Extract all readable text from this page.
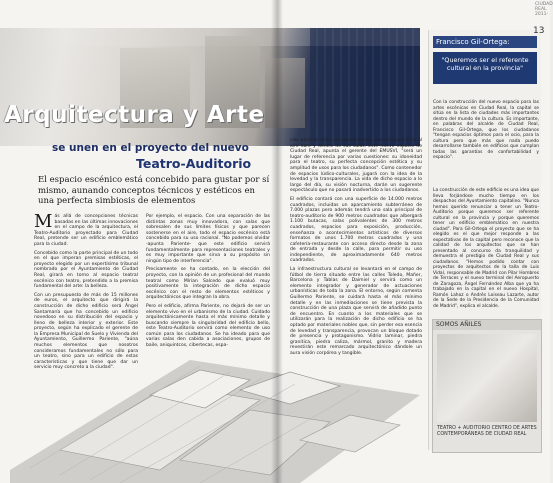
Arquitectura y Arte
se unen en el proyecto del nuevo
Teatro-Auditorio
El espacio escénico está concebido para gustar por sí mismo, aunando conceptos técnicos y estéticos en una perfecta simbiosis de elementos

Más allá de concepciones técnicas basadas en las últimas innovaciones en el campo de la arquitectura, el Teatro-Auditorio proyectado para Ciudad Real, pretende ser un edificio emblemático para la ciudad.

Concebido como la parte principal de un todo en el que imperan premisas estéticas, el proyecto elegido por un expertísimo tribunal nombrado por el Ayuntamiento de Ciudad Real, girará en torno al espacio teatral escénico con teatro, pretendido a la premisa fundamental del arte: la belleza.

Con un presupuesto de más de 15 millones de euros, el arquitecto que dirigirá la construcción de dicho edificio será Ángel Santamaría que ha concebido un edificio novedoso en su distribución del espacio y lleno de belleza interior y exterior. Este proyecto, según ha explicado el gerente de la Empresa Municipal de Suelo y Vivienda del Ayuntamiento, Guillermo Pariente, "aúna muchos elementos que nosotros consideramos fundamentales no sólo para un teatro, sino para un edificio de estas características y que tiene que dar un servicio muy concreto a la ciudad".

Por ejemplo, el espacio. Con una separación de las distintas zonas muy innovadora, con salas que sobresalen de sus límites físicos y que parecen sostenerse en el aire, todo el espacio escénico está concebido para su uso racional. "No podemos olvidar -apunta Pariente- que este edificio servirá fundamentalmente para representaciones teatrales y es muy importante que sirva a su propósito sin ningún tipo de interferencia".

Precisamente se ha contado, en la elección del proyecto, con la opinión de un profesional del mundo teatral como Mírian Salcedo que evaluó muy positivamente la integración de dicho espacio escénico con el resto de elementos estéticos y arquitectónicos que integran la obra.

Pero el edificio, afirma Pariente, no dejará de ser un elemento vivo en el urbanismo de la ciudad. Cuidado arquitectónicamente hasta el más mínimo detalle y buscando siempre la singularidad del edificio bello, este Teatro-Auditorio servirá como elemento de uso común para los ciudadanos. Se ha ideado para que varias salas den cabida a asociaciones, grupos de baile, aniquintcos, cibertecas, espa-

cios para las artes contemporáneas, para exposiciones al aire libre y dentro de sus salas. Este nuevo espacio de Ciudad Real, apunta el gerente del EMUSVI, "será un lugar de referencia por varias cuestiones: su idoneidad para el teatro, su perfecta concepción estética y su amplitud de usos para los ciudadanos". Como contenedor de espacios lúdico-culturales, jugará con la idea de la levedad y la transparencia. La vida de dicho espacio a lo largo del día, su visión nocturna, darán un sugerente espectáculo que no pasará inadvertido a los ciudadanos.

El edificio contará con una superficie de 14.000 metros cuadrados, incluidas un aparcamiento subterráneo de 7.000 plazas pero además tendrá una sala principal de teatro-auditorio de 900 metros cuadrados que albergará 1.100 butacas, salas polivalentes de 300 metros cuadrados, espacios para exposición, producción, enseñanza o acontecimientos artísticos de diversos formatos de unos 1.700 metros cuadrados y una cafetería-restaurante con acceso directo desde la zona de entrada y desde la calle, para permitir su uso independiente, de aproximadamente 640 metros cuadrados.

La infraestructura cultural se levantará en el campo de fútbol de tierra situado entre las calles Toledo, Mañer, Barcelona y Tablas de Daimiel y servirá como un elemento integrador y generador de actuaciones urbanísticas de toda la zona. El entorno, según comenta Guillermo Pariente, se cuidará hasta el más mínimo detalle y en las inmediaciones se tiene prevista la construcción de una plaza que servirá de añadido punto de encuentro. En cuanto a los materiales que se utilizarán para la realización de dicho edificio se ha optado por materiales nobles que, sin perder esa esencia de levedad y transparencia, provocan un bloque dotado de presencia y protagonismo. Vidrio laminar, piedra granítica, piedra caliza, mármol, granito y madera revestirán este remarcado arquitectónico dándole un aura visión corpórea y tangible.

Francisco Gil-Ortega:
"Queremos ser el referente cultural en la provincia"
Con la construcción del nuevo espacio para las artes escénicas en Ciudad Real, la capital se sitúa en la lista de ciudades más importantes dentro del mundo de la cultura. Es importante, en palabras del alcalde de Ciudad Real, Francisco Gil-Ortega, que los ciudadanos "tengan espacios óptimos para el ocio, para la cultura pero que más que nada puedo desarrollarse también en edificios que cumplan todas las garantías de confortabilidad y espacio".
La construcción de este edificio es una idea que lleva forjándose mucho tiempo en los despachos del Ayuntamiento capitalino. "Nunca hemos querido renunciar a tener un Teatro-Auditorio porque queremos ser referente cultural en la provincia y porque queremos tener un edificio emblemático en nuestra ciudad". Para Gil-Ortega el proyecto que se ha elegido es el que mejor responde a las expectativas de la capital pero reconoce que la calidad de los arquitectos que se han presentado al concurso da tranquilidad y demuestra el prestigio de Ciudad Real y sus ciudadanos. "Hemos podido contar con proyectos de arquitectos de la talla de Luis Vidal, responsable de Madrid con Pilar Hombres de Terraces y el nuevo terminal del Aeropuerto de Zaragoza, Ángel Fernández Alba que ya ha trabajado en la capital en el nuevo Hospital, Ramón Lahoz o Andrés Loiseau Lazarte, autor de la Sede de la Presidencia de la Comunidad de Madrid", explica el alcalde.
SOMOS AÑILES
TEATRO + AUDITORIO CENTRO DE ARTES CONTEMPORÁNEAS DE CIUDAD REAL
CIUDAD
REAL
2011-
13
